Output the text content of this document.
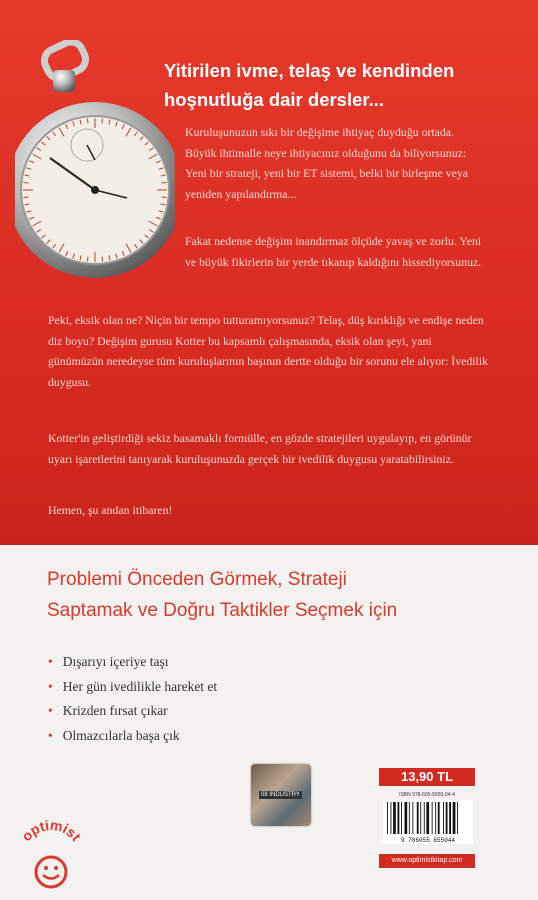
Yitirilen ivme, telaş ve kendinden
hoşnutluğa dair dersler...
Kuruluşunuzun sıkı bir değişime ihtiyaç duyduğu ortada. Büyük ihtimalle neye ihtiyacınız olduğunu da biliyorsunuz: Yeni bir strateji, yeni bir ET sistemi, belki bir birleşme veya yeniden yapılandırma...
Fakat nedense değişim inandırmaz ölçüde yavaş ve zorlu. Yeni ve büyük fikirlerin bir yerde tıkanıp kaldığını hissediyorsunuz.
Peki, eksik olan ne? Niçin bir tempo tutturamıyorsunuz? Telaş, düş kırıklığı ve endişe neden diz boyu? Değişim gurusu Kotter bu kapsamlı çalışmasında, eksik olan şeyi, yani günümüzün neredeyse tüm kuruluşlarının başının dertte olduğu bir sorunu ele alıyor: İvedilik duygusu.
Kotter'in geliştirdiği sekiz basamaklı formülle, en gözde stratejileri uygulayıp, en görünür uyarı işaretlerini tanıyarak kuruluşunuzda gerçek bir ivedilik duygusu yaratabilirsiniz.
Hemen, şu andan itibaren!
Problemi Önceden Görmek, Strateji
Saptamak ve Doğru Taktikler Seçmek için
• Dışarıyı içeriye taşı
• Her gün ivedilikle hareket et
• Krizden fırsat çıkar
• Olmazcılarla başa çık
08 INDUSTRY
13,90 TL
ISBN 978-605-5655-04-4
9 786055 655044
www.optimistkitap.com
optimist
